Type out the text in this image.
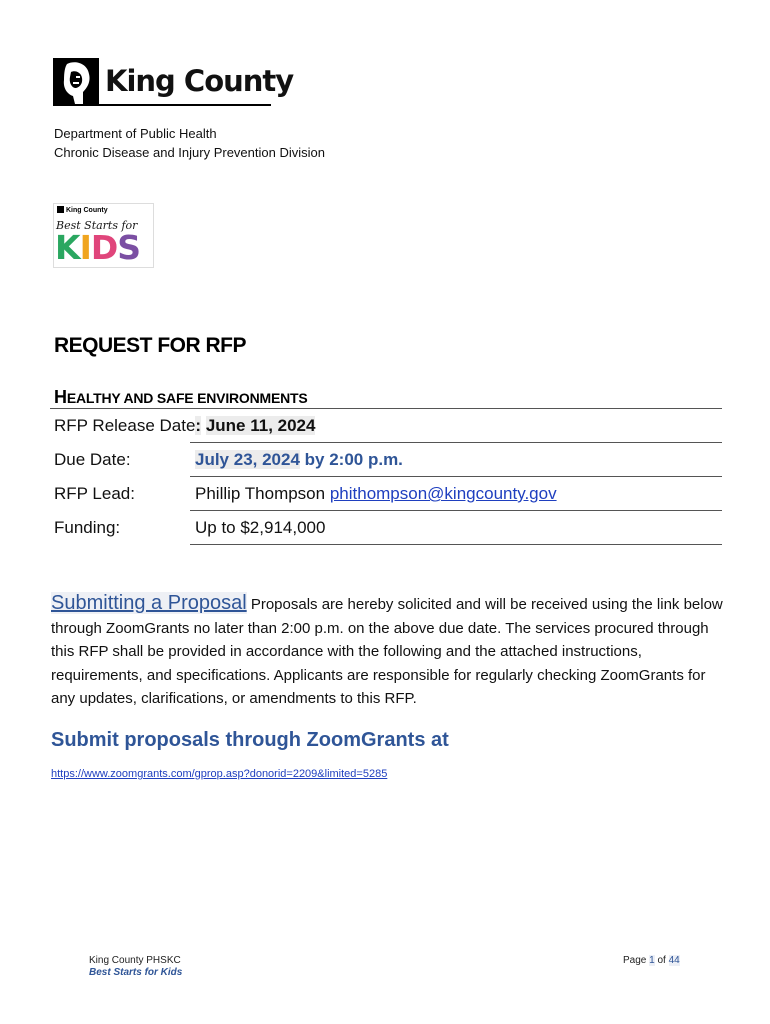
King County
Department of Public Health
Chronic Disease and Injury Prevention Division
King County
Best Starts for
KIDS
REQUEST FOR RFP
HEALTHY AND SAFE ENVIRONMENTS
RFP Release Date: June 11, 2024
Due Date:	July 23, 2024 by 2:00 p.m.
RFP Lead:	Phillip Thompson phithompson@kingcounty.gov
Funding:	Up to $2,914,000
Submitting a Proposal Proposals are hereby solicited and will be received using the link below through ZoomGrants no later than 2:00 p.m. on the above due date. The services procured through this RFP shall be provided in accordance with the following and the attached instructions, requirements, and specifications. Applicants are responsible for regularly checking ZoomGrants for any updates, clarifications, or amendments to this RFP.
Submit proposals through ZoomGrants at
https://www.zoomgrants.com/gprop.asp?donorid=2209&limited=5285
King County PHSKC
Best Starts for Kids
Page 1 of 44
